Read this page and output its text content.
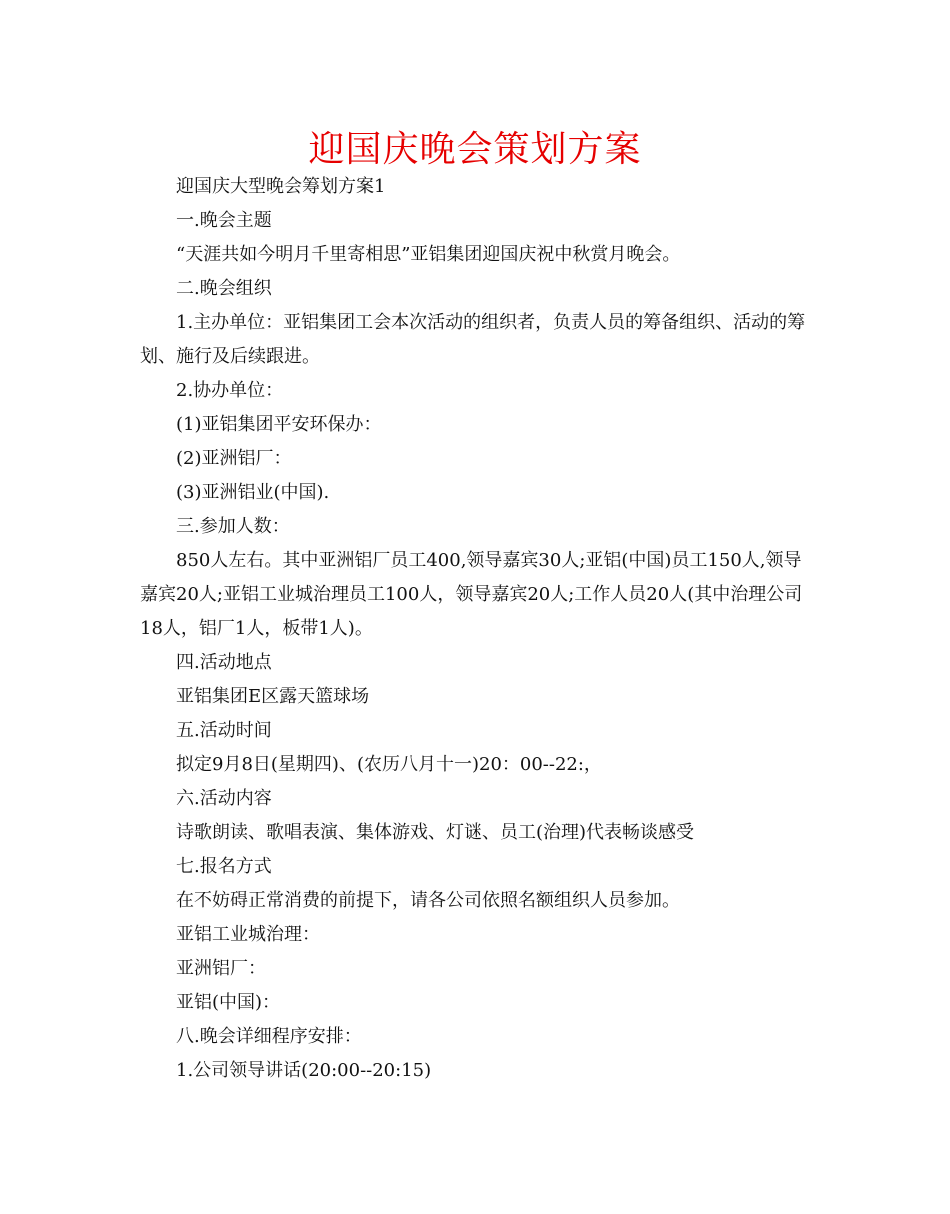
迎国庆晚会策划方案

迎国庆大型晚会筹划方案1

一.晚会主题

“天涯共如今明月千里寄相思”亚铝集团迎国庆祝中秋赏月晚会。

二.晚会组织

1.主办单位：亚铝集团工会本次活动的组织者，负责人员的筹备组织、活动的筹划、施行及后续跟进。

2.协办单位：

(1)亚铝集团平安环保办：

(2)亚洲铝厂：

(3)亚洲铝业(中国).

三.参加人数：

850人左右。其中亚洲铝厂员工400,领导嘉宾30人;亚铝(中国)员工150人,领导嘉宾20人;亚铝工业城治理员工100人，领导嘉宾20人;工作人员20人(其中治理公司18人，铝厂1人，板带1人)。

四.活动地点

亚铝集团E区露天篮球场

五.活动时间

拟定9月8日(星期四)、(农历八月十一)20：00--22:，

六.活动内容

诗歌朗读、歌唱表演、集体游戏、灯谜、员工(治理)代表畅谈感受

七.报名方式

在不妨碍正常消费的前提下，请各公司依照名额组织人员参加。

亚铝工业城治理：

亚洲铝厂：

亚铝(中国)：

八.晚会详细程序安排：

1.公司领导讲话(20:00--20:15)
